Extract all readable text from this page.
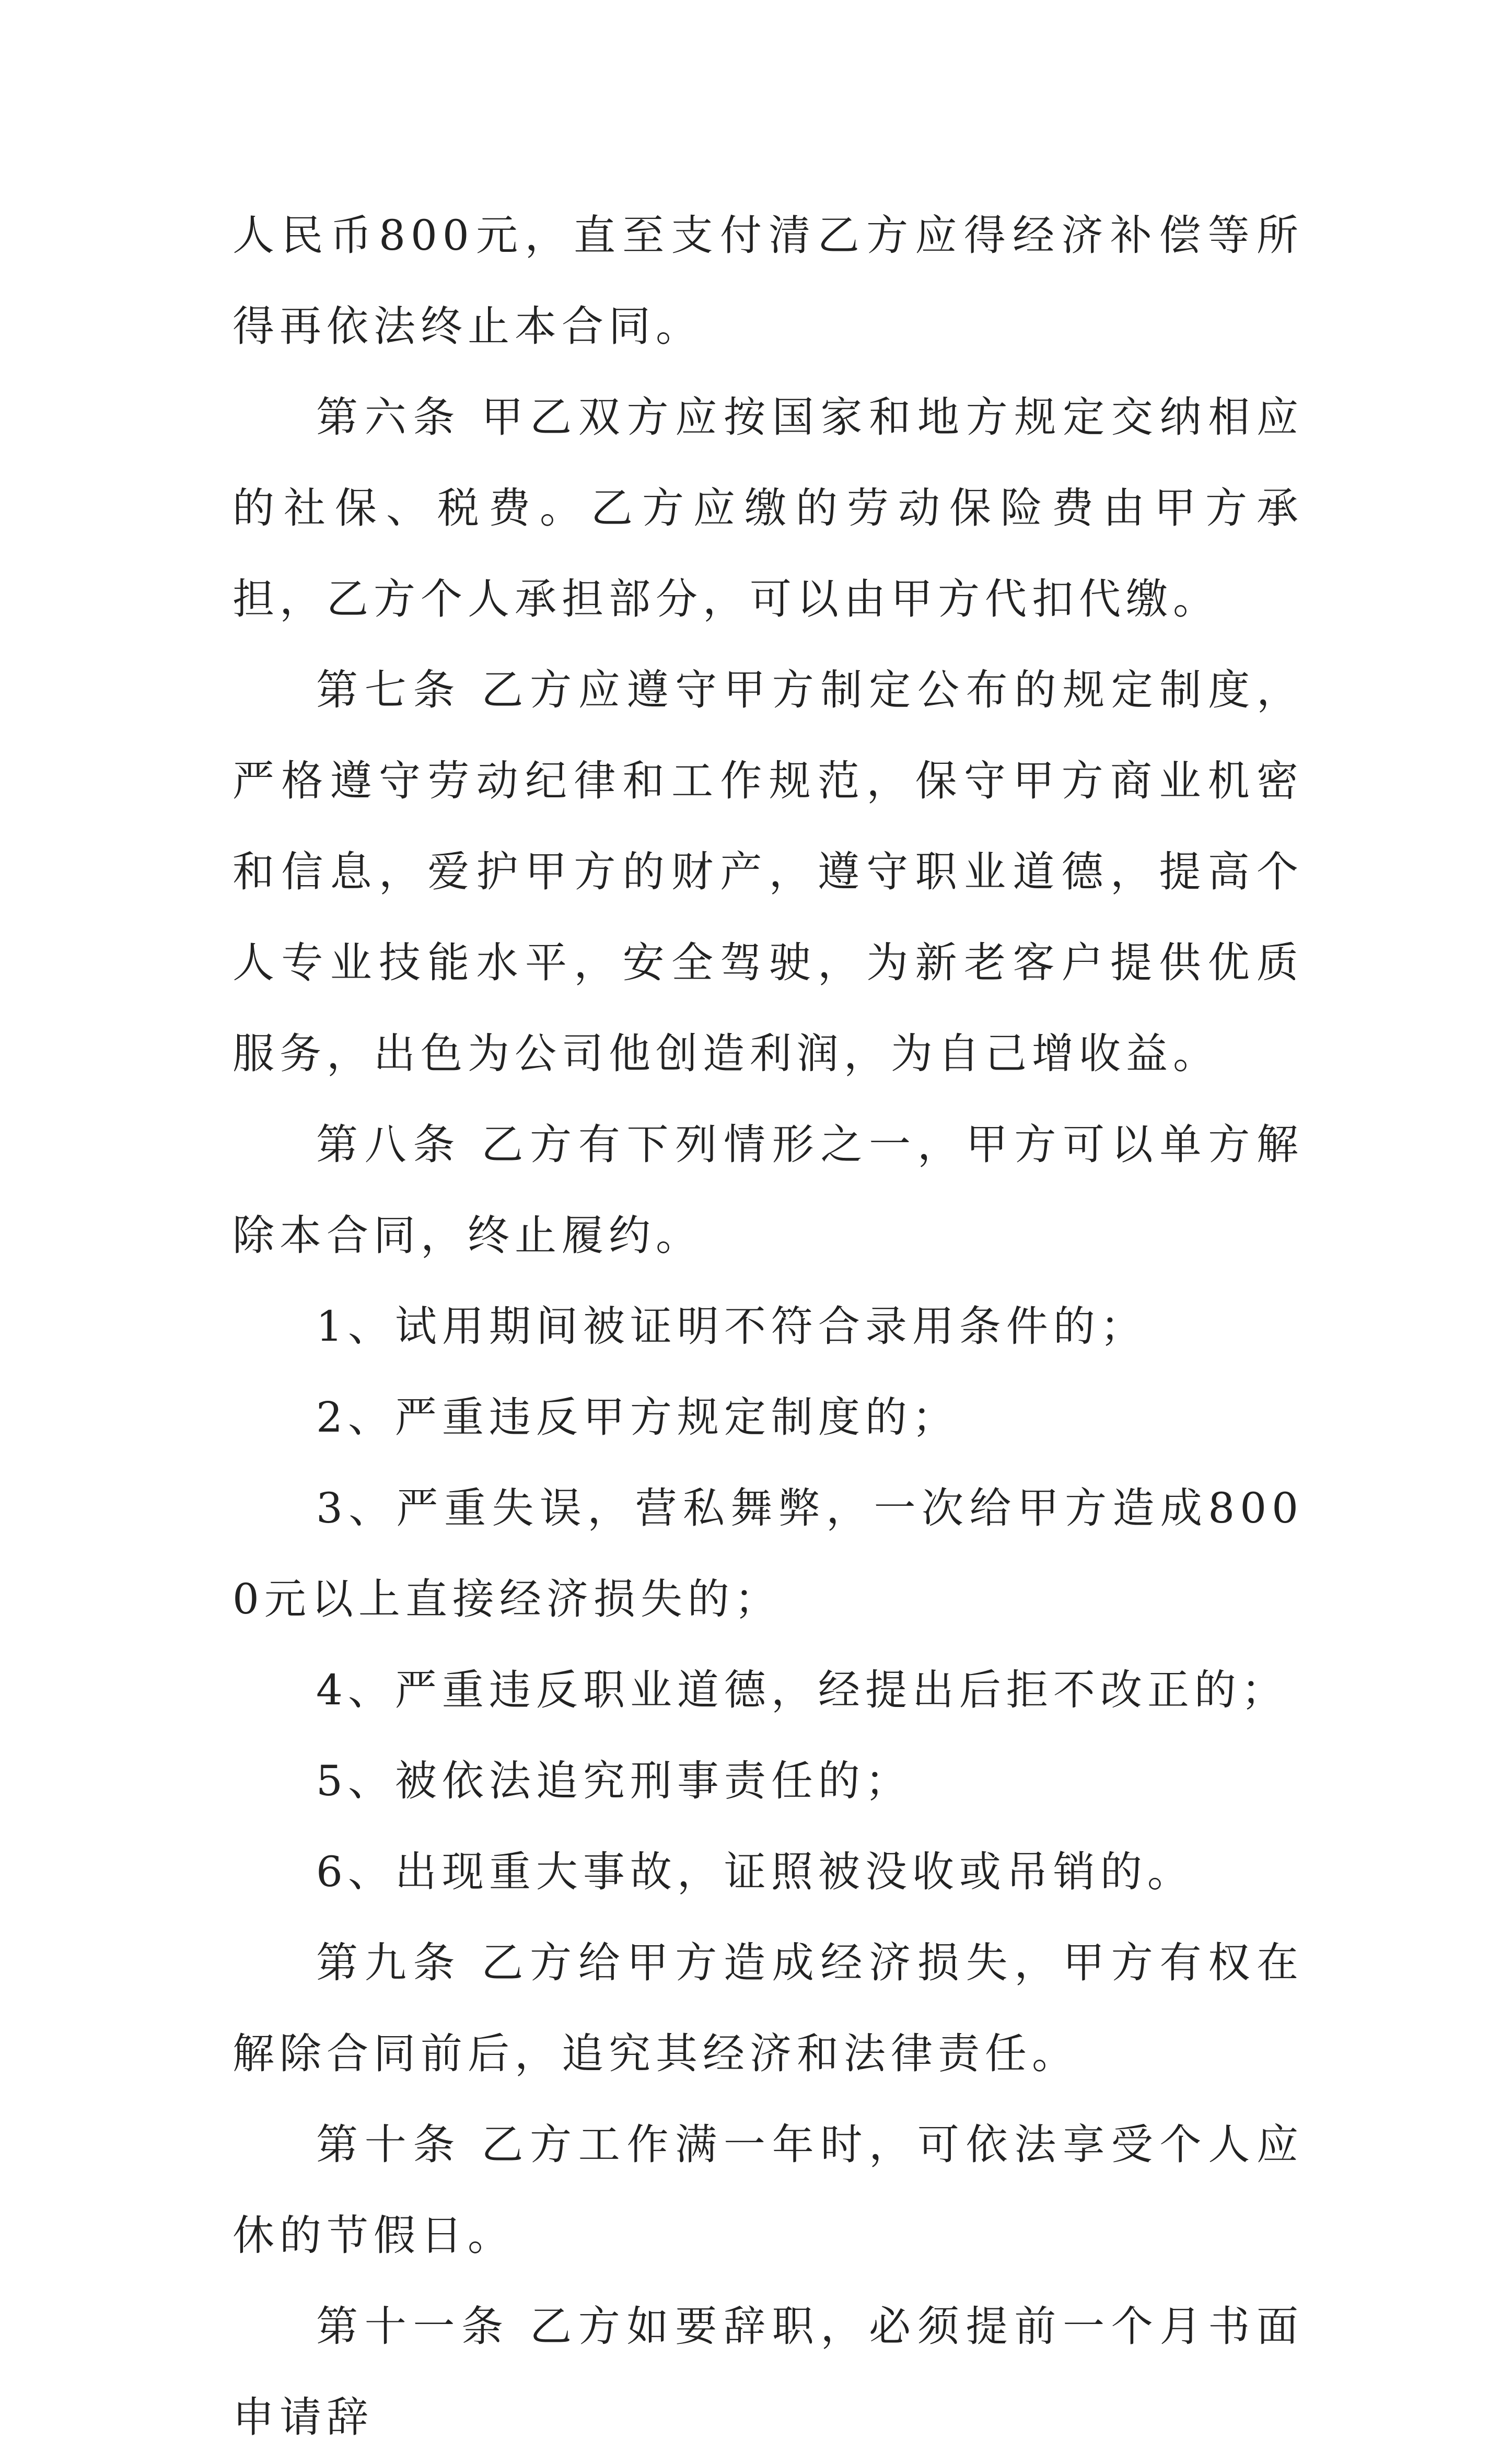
人民币800元，直至支付清乙方应得经济补偿等所得再依法终止本合同。

第六条 甲乙双方应按国家和地方规定交纳相应的社保、税费。乙方应缴的劳动保险费由甲方承担，乙方个人承担部分，可以由甲方代扣代缴。

第七条 乙方应遵守甲方制定公布的规定制度，严格遵守劳动纪律和工作规范，保守甲方商业机密和信息，爱护甲方的财产，遵守职业道德，提高个人专业技能水平，安全驾驶，为新老客户提供优质服务，出色为公司他创造利润，为自己增收益。

第八条 乙方有下列情形之一，甲方可以单方解除本合同，终止履约。

1、试用期间被证明不符合录用条件的；

2、严重违反甲方规定制度的；

3、严重失误，营私舞弊，一次给甲方造成8000元以上直接经济损失的；

4、严重违反职业道德，经提出后拒不改正的；

5、被依法追究刑事责任的；

6、出现重大事故，证照被没收或吊销的。

第九条 乙方给甲方造成经济损失，甲方有权在解除合同前后，追究其经济和法律责任。

第十条 乙方工作满一年时，可依法享受个人应休的节假日。

第十一条 乙方如要辞职，必须提前一个月书面申请辞
